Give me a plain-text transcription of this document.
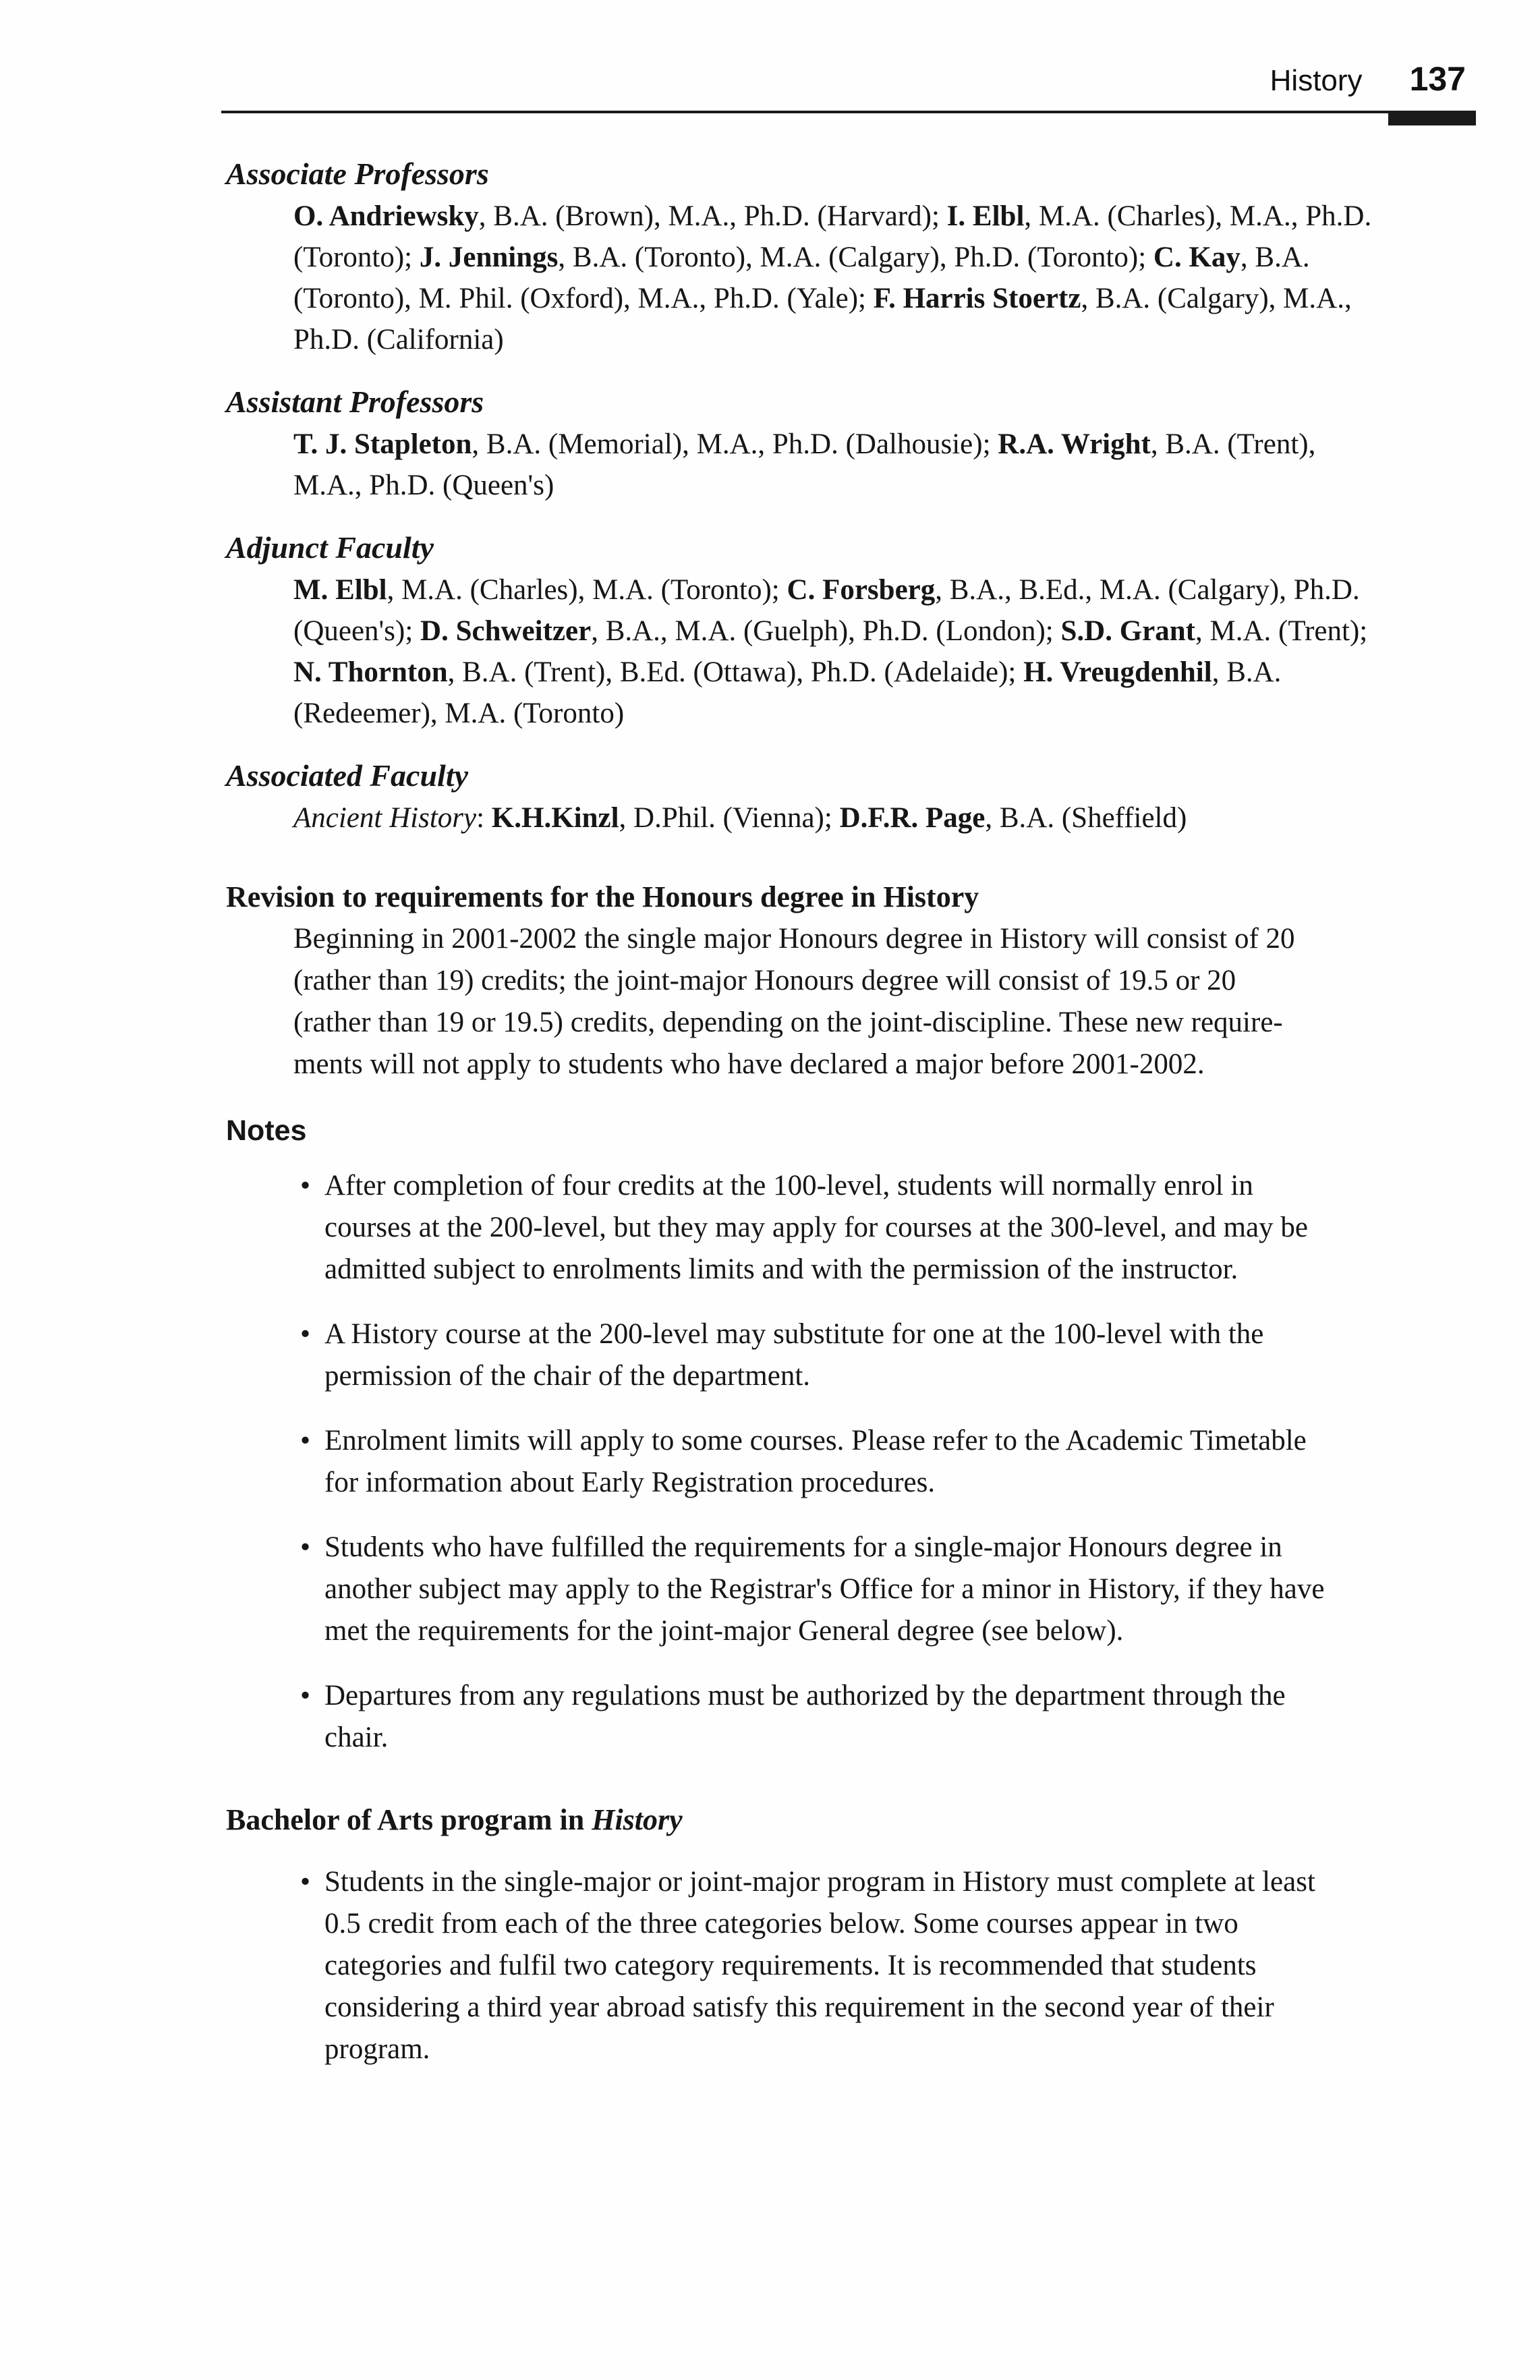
History 137

Associate Professors

O. Andriewsky, B.A. (Brown), M.A., Ph.D. (Harvard); I. Elbl, M.A. (Charles), M.A., Ph.D.
(Toronto); J. Jennings, B.A. (Toronto), M.A. (Calgary), Ph.D. (Toronto); C. Kay, B.A.
(Toronto), M. Phil. (Oxford), M.A., Ph.D. (Yale); F. Harris Stoertz, B.A. (Calgary), M.A.,
Ph.D. (California)

Assistant Professors

T. J. Stapleton, B.A. (Memorial), M.A., Ph.D. (Dalhousie); R.A. Wright, B.A. (Trent),
M.A., Ph.D. (Queen's)

Adjunct Faculty

M. Elbl, M.A. (Charles), M.A. (Toronto); C. Forsberg, B.A., B.Ed., M.A. (Calgary), Ph.D.
(Queen's); D. Schweitzer, B.A., M.A. (Guelph), Ph.D. (London); S.D. Grant, M.A. (Trent);
N. Thornton, B.A. (Trent), B.Ed. (Ottawa), Ph.D. (Adelaide); H. Vreugdenhil, B.A.
(Redeemer), M.A. (Toronto)

Associated Faculty

Ancient History: K.H.Kinzl, D.Phil. (Vienna); D.F.R. Page, B.A. (Sheffield)

Revision to requirements for the Honours degree in History

Beginning in 2001-2002 the single major Honours degree in History will consist of 20
(rather than 19) credits; the joint-major Honours degree will consist of 19.5 or 20
(rather than 19 or 19.5) credits, depending on the joint-discipline. These new require-
ments will not apply to students who have declared a major before 2001-2002.

Notes

• After completion of four credits at the 100-level, students will normally enrol in
courses at the 200-level, but they may apply for courses at the 300-level, and may be
admitted subject to enrolments limits and with the permission of the instructor.
• A History course at the 200-level may substitute for one at the 100-level with the
permission of the chair of the department.
• Enrolment limits will apply to some courses. Please refer to the Academic Timetable
for information about Early Registration procedures.
• Students who have fulfilled the requirements for a single-major Honours degree in
another subject may apply to the Registrar's Office for a minor in History, if they have
met the requirements for the joint-major General degree (see below).
• Departures from any regulations must be authorized by the department through the
chair.

Bachelor of Arts program in History

• Students in the single-major or joint-major program in History must complete at least
0.5 credit from each of the three categories below. Some courses appear in two
categories and fulfil two category requirements. It is recommended that students
considering a third year abroad satisfy this requirement in the second year of their
program.
